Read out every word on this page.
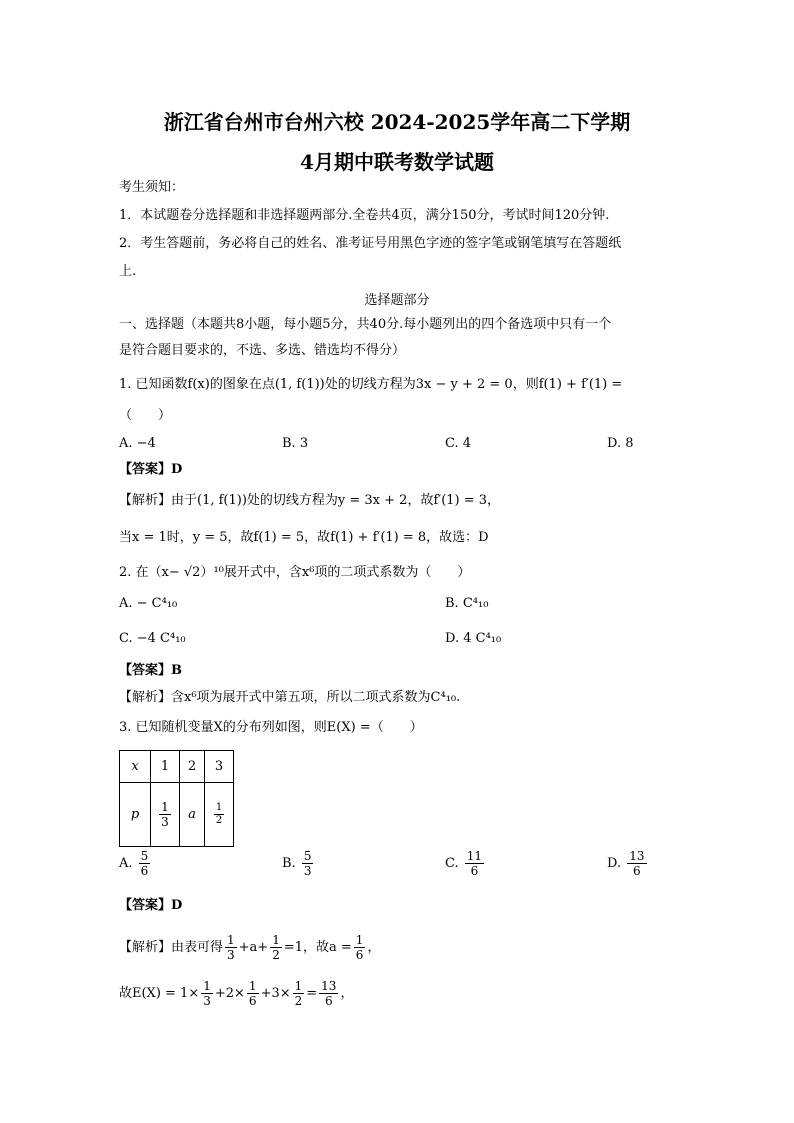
浙江省台州市台州六校 2024-2025学年高二下学期
4月期中联考数学试题
考生须知：
1．本试题卷分选择题和非选择题两部分.全卷共4页，满分150分，考试时间120分钟.
2．考生答题前，务必将自己的姓名、准考证号用黑色字迹的签字笔或钢笔填写在答题纸
上.
选择题部分
一、选择题（本题共8小题，每小题5分，共40分.每小题列出的四个备选项中只有一个
是符合题目要求的，不选、多选、错选均不得分）
1. 已知函数f(x)的图象在点(1, f(1))处的切线方程为3x − y + 2 = 0，则f(1) + f′(1) =
（　　）
A. −4	B. 3	C. 4	D. 8
【答案】D
【解析】由于(1, f(1))处的切线方程为y = 3x + 2，故f′(1) = 3，
当x = 1时，y = 5，故f(1) = 5，故f(1) + f′(1) = 8，故选：D
2. 在（x− √2）¹⁰展开式中，含x⁶项的二项式系数为（　　）
A. − C⁴₁₀	B. C⁴₁₀
C. −4 C⁴₁₀	D. 4 C⁴₁₀
【答案】B
【解析】含x⁶项为展开式中第五项，所以二项式系数为C⁴₁₀.
3. 已知随机变量X的分布列如图，则E(X) =（　　）
x	1	2	3
p	$\frac{1}{3}$	a	$\frac{1}{2}$
A. $\frac{5}{6}$	B. $\frac{5}{3}$	C. $\frac{11}{6}$	D. $\frac{13}{6}$
【答案】D
【解析】由表可得 $\frac{1}{3} +a+ \frac{1}{2} =1$，故$a = \frac{1}{6}$ ，
故$E(X) = 1\times \frac{1}{3} +2\times \frac{1}{6} +3\times \frac{1}{2} = \frac{13}{6}$ ，
